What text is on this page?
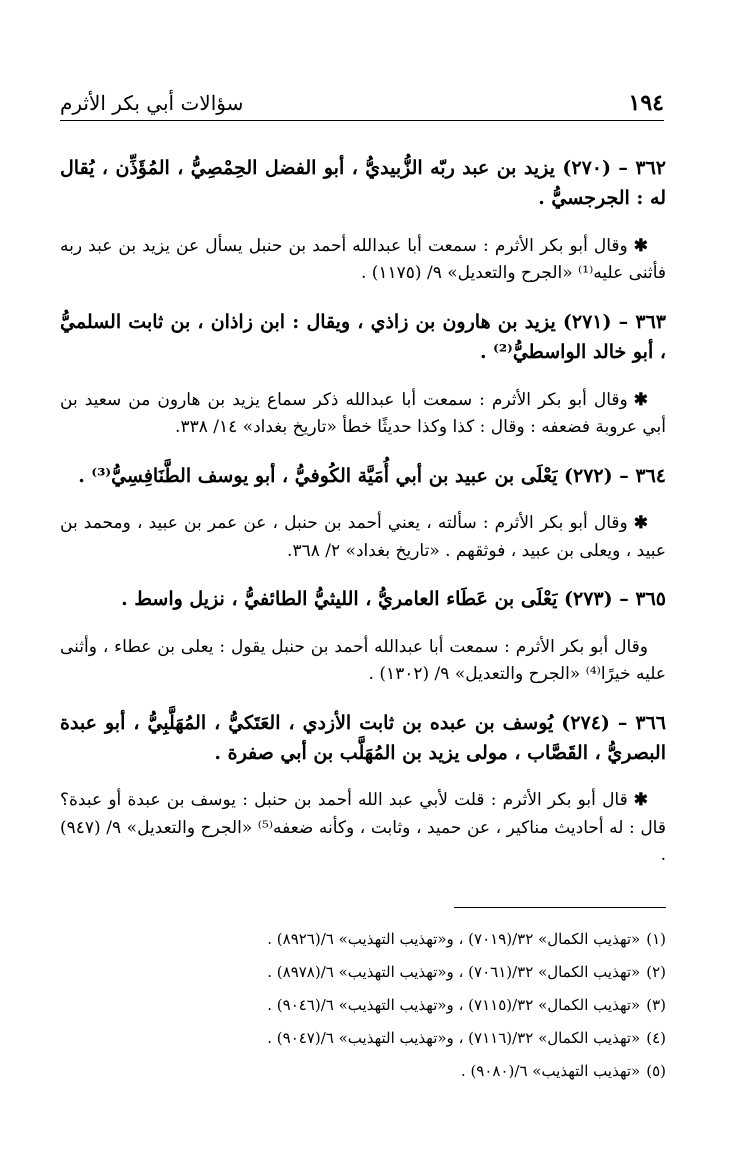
١٩٤
سؤالات أبي بكر الأثرم

٣٦٢ – (٢٧٠) يزيد بن عبد ربّه الزُّبيديُّ ، أبو الفضل الحِمْصِيُّ ، المُؤَذِّن ، يُقال له : الجرجسيُّ .

✱وقال أبو بكر الأثرم : سمعت أبا عبدالله أحمد بن حنبل يسأل عن يزيد بن عبد ربه فأثنى عليه⁽¹⁾ «الجرح والتعديل» ٩/ (١١٧٥) .

٣٦٣ – (٢٧١) يزيد بن هارون بن زاذي ، ويقال : ابن زاذان ، بن ثابت السلميُّ ، أبو خالد الواسطيُّ⁽²⁾ .

✱وقال أبو بكر الأثرم : سمعت أبا عبدالله ذكر سماع يزيد بن هارون من سعيد بن أبي عروبة فضعفه : وقال : كذا وكذا حديثًا خطأ «تاريخ بغداد» ١٤/ ٣٣٨.

٣٦٤ – (٢٧٢) يَعْلَى بن عبيد بن أبي أُمَيَّة الكُوفيُّ ، أبو يوسف الطَّنَافِسِيُّ⁽³⁾ .

✱وقال أبو بكر الأثرم : سألته ، يعني أحمد بن حنبل ، عن عمر بن عبيد ، ومحمد بن عبيد ، ويعلى بن عبيد ، فوثقهم . «تاريخ بغداد» ٢/ ٣٦٨.

٣٦٥ – (٢٧٣) يَعْلَى بن عَطَاء العامريُّ ، الليثيُّ الطائفيُّ ، نزيل واسط .

وقال أبو بكر الأثرم : سمعت أبا عبدالله أحمد بن حنبل يقول : يعلى بن عطاء ، وأثنى عليه خيرًا⁽⁴⁾ «الجرح والتعديل» ٩/ (١٣٠٢) .

٣٦٦ – (٢٧٤) يُوسف بن عبده بن ثابت الأزدي ، العَتَكيُّ ، المُهَلَّبِيُّ ، أبو عبدة البصريُّ ، القَصَّاب ، مولى يزيد بن المُهَلَّب بن أبي صفرة .

✱قال أبو بكر الأثرم : قلت لأبي عبد الله أحمد بن حنبل : يوسف بن عبدة أو عبدة؟ قال : له أحاديث مناكير ، عن حميد ، وثابت ، وكأنه ضعفه⁽⁵⁾ «الجرح والتعديل» ٩/ (٩٤٧) .

(١)«تهذيب الكمال» ٣٢/(٧٠١٩) ، و«تهذيب التهذيب» ٦/(٨٩٢٦) .

(٢)«تهذيب الكمال» ٣٢/(٧٠٦١) ، و«تهذيب التهذيب» ٦/(٨٩٧٨) .

(٣)«تهذيب الكمال» ٣٢/(٧١١٥) ، و«تهذيب التهذيب» ٦/(٩٠٤٦) .

(٤)«تهذيب الكمال» ٣٢/(٧١١٦) ، و«تهذيب التهذيب» ٦/(٩٠٤٧) .

(٥)«تهذيب التهذيب» ٦/(٩٠٨٠) .
